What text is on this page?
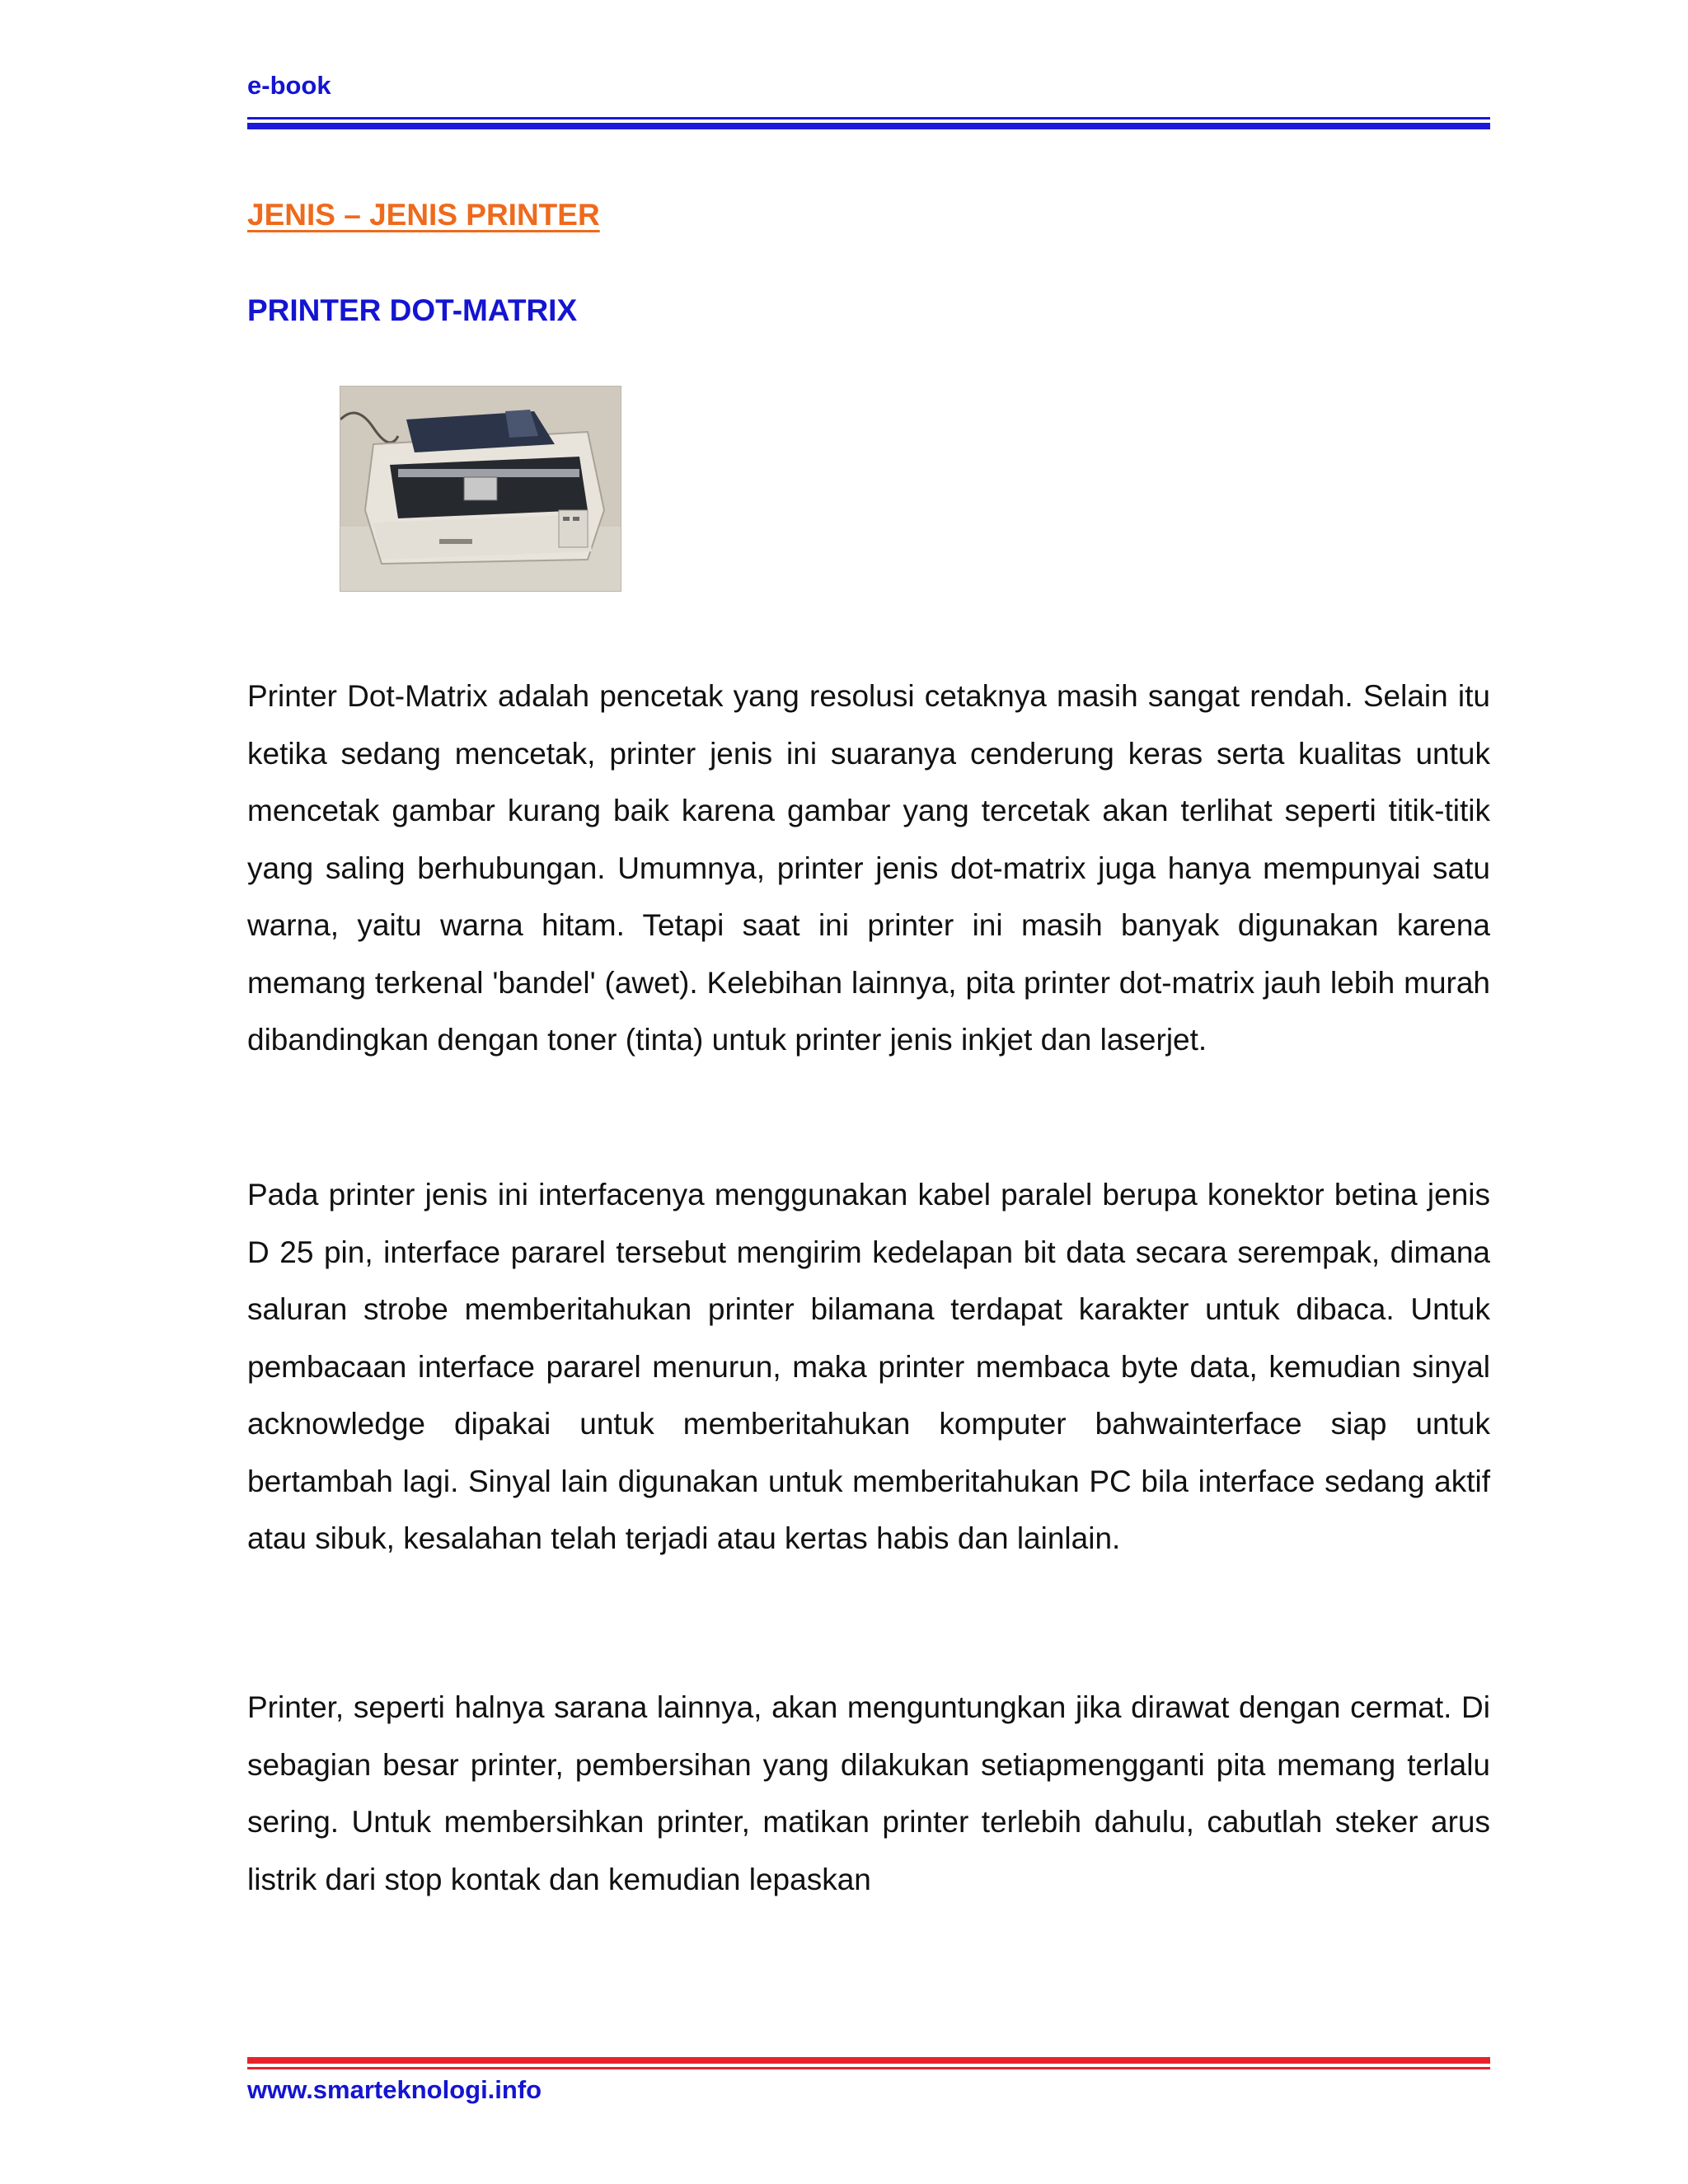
e-book
JENIS – JENIS PRINTER
PRINTER DOT-MATRIX

Printer Dot-Matrix adalah pencetak yang resolusi cetaknya masih sangat rendah. Selain itu ketika sedang mencetak, printer jenis ini suaranya cenderung keras serta kualitas untuk mencetak gambar kurang baik karena gambar yang tercetak akan terlihat seperti titik-titik yang saling berhubungan. Umumnya, printer jenis dot-matrix juga hanya mempunyai satu warna, yaitu warna hitam. Tetapi saat ini printer ini masih banyak digunakan karena memang terkenal 'bandel' (awet). Kelebihan lainnya, pita printer dot-matrix jauh lebih murah dibandingkan dengan toner (tinta) untuk printer jenis inkjet dan laserjet.

Pada printer jenis ini interfacenya menggunakan kabel paralel berupa konektor betina jenis D 25 pin, interface pararel tersebut mengirim kedelapan bit data secara serempak, dimana saluran strobe memberitahukan printer bilamana terdapat karakter untuk dibaca. Untuk pembacaan interface pararel menurun, maka printer membaca byte data, kemudian sinyal acknowledge dipakai untuk memberitahukan komputer bahwainterface siap untuk bertambah lagi. Sinyal lain digunakan untuk memberitahukan PC bila interface sedang aktif atau sibuk, kesalahan telah terjadi atau kertas habis dan lainlain.

Printer, seperti halnya sarana lainnya, akan menguntungkan jika dirawat dengan cermat. Di sebagian besar printer, pembersihan yang dilakukan setiapmengganti pita memang terlalu sering. Untuk membersihkan printer, matikan printer terlebih dahulu, cabutlah steker arus listrik dari stop kontak dan kemudian lepaskan

www.smarteknologi.info
